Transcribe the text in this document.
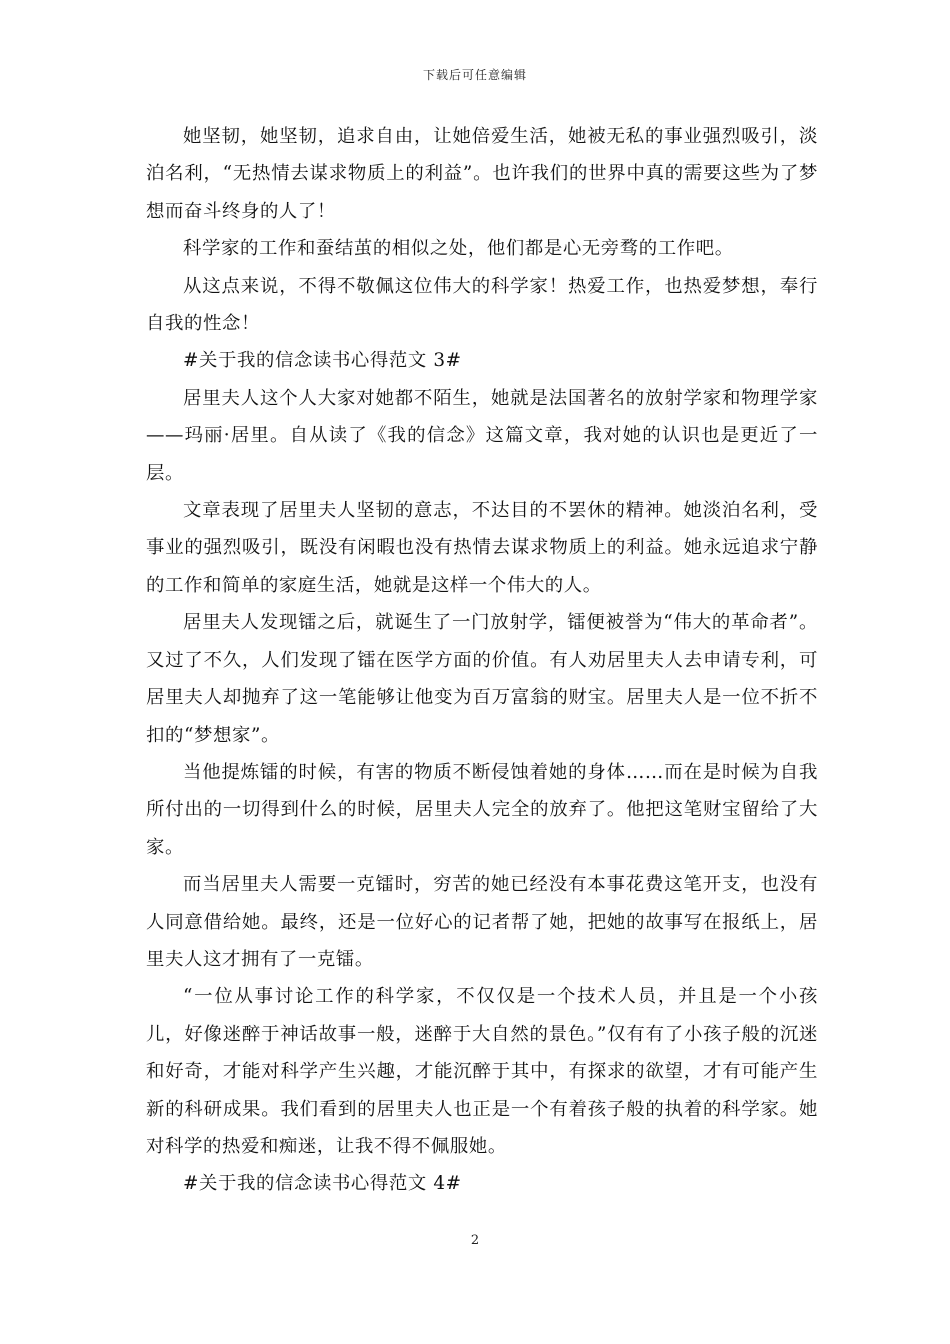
下载后可任意编辑

她坚韧，她坚韧，追求自由，让她倍爱生活，她被无私的事业强烈吸引，淡泊名利，“无热情去谋求物质上的利益”。也许我们的世界中真的需要这些为了梦想而奋斗终身的人了！

科学家的工作和蚕结茧的相似之处，他们都是心无旁骛的工作吧。

从这点来说，不得不敬佩这位伟大的科学家！热爱工作，也热爱梦想，奉行自我的性念！

#关于我的信念读书心得范文 3#

居里夫人这个人大家对她都不陌生，她就是法国著名的放射学家和物理学家——玛丽·居里。自从读了《我的信念》这篇文章，我对她的认识也是更近了一层。

文章表现了居里夫人坚韧的意志，不达目的不罢休的精神。她淡泊名利，受事业的强烈吸引，既没有闲暇也没有热情去谋求物质上的利益。她永远追求宁静的工作和简单的家庭生活，她就是这样一个伟大的人。

居里夫人发现镭之后，就诞生了一门放射学，镭便被誉为“伟大的革命者”。又过了不久，人们发现了镭在医学方面的价值。有人劝居里夫人去申请专利，可居里夫人却抛弃了这一笔能够让他变为百万富翁的财宝。居里夫人是一位不折不扣的“梦想家”。

当他提炼镭的时候，有害的物质不断侵蚀着她的身体……而在是时候为自我所付出的一切得到什么的时候，居里夫人完全的放弃了。他把这笔财宝留给了大家。

而当居里夫人需要一克镭时，穷苦的她已经没有本事花费这笔开支，也没有人同意借给她。最终，还是一位好心的记者帮了她，把她的故事写在报纸上，居里夫人这才拥有了一克镭。

“一位从事讨论工作的科学家，不仅仅是一个技术人员，并且是一个小孩儿，好像迷醉于神话故事一般，迷醉于大自然的景色。”仅有有了小孩子般的沉迷和好奇，才能对科学产生兴趣，才能沉醉于其中，有探求的欲望，才有可能产生新的科研成果。我们看到的居里夫人也正是一个有着孩子般的执着的科学家。她对科学的热爱和痴迷，让我不得不佩服她。

#关于我的信念读书心得范文 4#

2
